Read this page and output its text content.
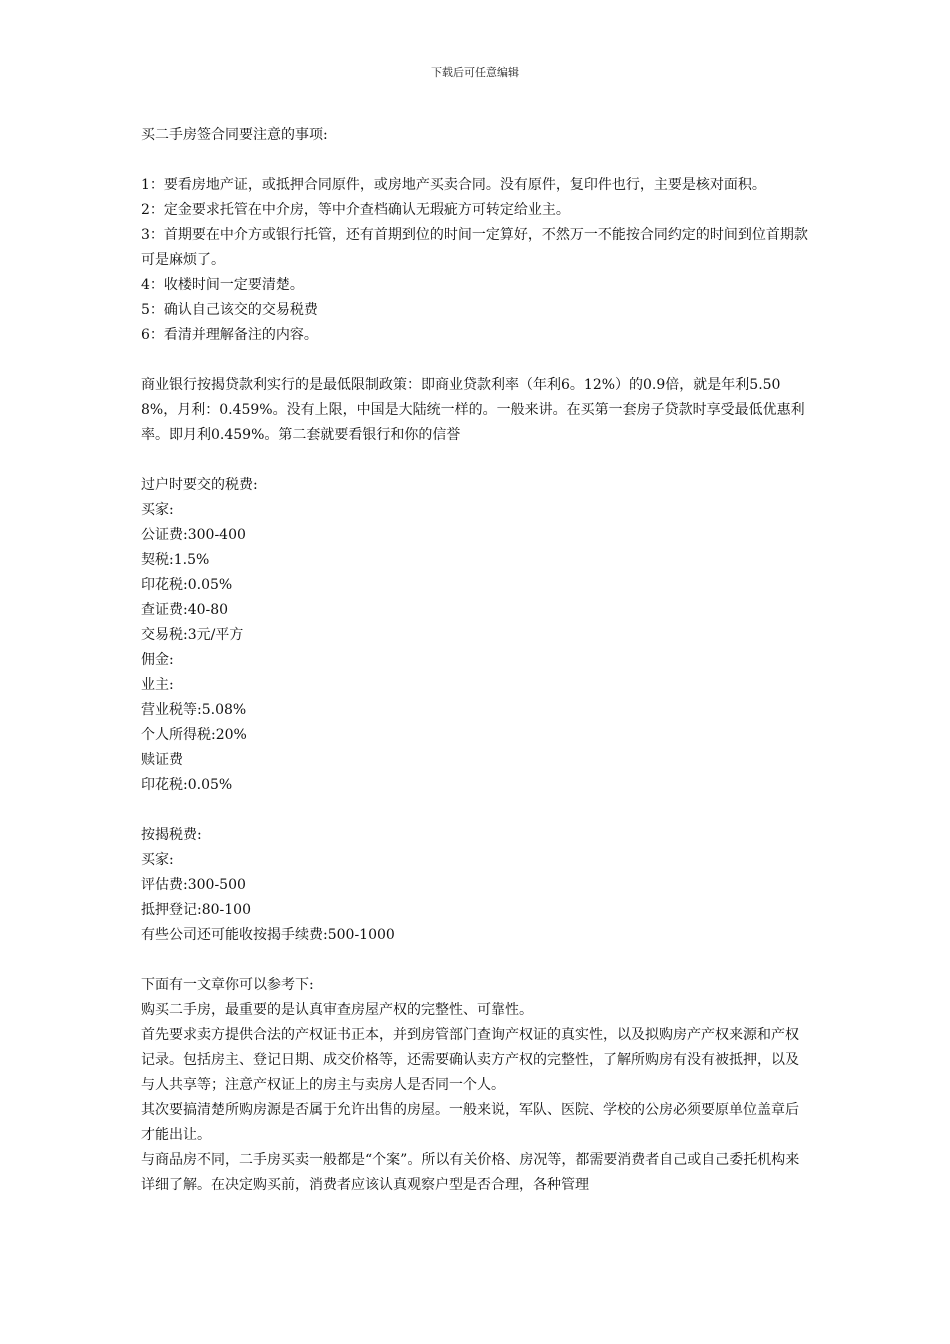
下载后可任意编辑

买二手房签合同要注意的事项:

1：要看房地产证，或抵押合同原件，或房地产买卖合同。没有原件，复印件也行，主要是核对面积。

2：定金要求托管在中介房，等中介查档确认无瑕疵方可转定给业主。

3：首期要在中介方或银行托管，还有首期到位的时间一定算好，不然万一不能按合同约定的时间到位首期款可是麻烦了。

4：收楼时间一定要清楚。

5：确认自己该交的交易税费

6：看清并理解备注的内容。

商业银行按揭贷款利实行的是最低限制政策：即商业贷款利率（年利6。12%）的0.9倍，就是年利5.508%，月利：0.459%。没有上限，中国是大陆统一样的。一般来讲。在买第一套房子贷款时享受最低优惠利率。即月利0.459%。第二套就要看银行和你的信誉

过户时要交的税费:

买家:

公证费:300-400

契税:1.5%

印花税:0.05%

查证费:40-80

交易税:3元/平方

佣金:

业主:

营业税等:5.08%

个人所得税:20%

赎证费

印花税:0.05%

按揭税费:

买家:

评估费:300-500

抵押登记:80-100

有些公司还可能收按揭手续费:500-1000

下面有一文章你可以参考下:

购买二手房，最重要的是认真审查房屋产权的完整性、可靠性。

首先要求卖方提供合法的产权证书正本，并到房管部门查询产权证的真实性，以及拟购房产产权来源和产权记录。包括房主、登记日期、成交价格等，还需要确认卖方产权的完整性，了解所购房有没有被抵押，以及与人共享等；注意产权证上的房主与卖房人是否同一个人。

其次要搞清楚所购房源是否属于允许出售的房屋。一般来说，军队、医院、学校的公房必须要原单位盖章后才能出让。

与商品房不同，二手房买卖一般都是“个案”。所以有关价格、房况等，都需要消费者自己或自己委托机构来详细了解。在决定购买前，消费者应该认真观察户型是否合理，各种管理
